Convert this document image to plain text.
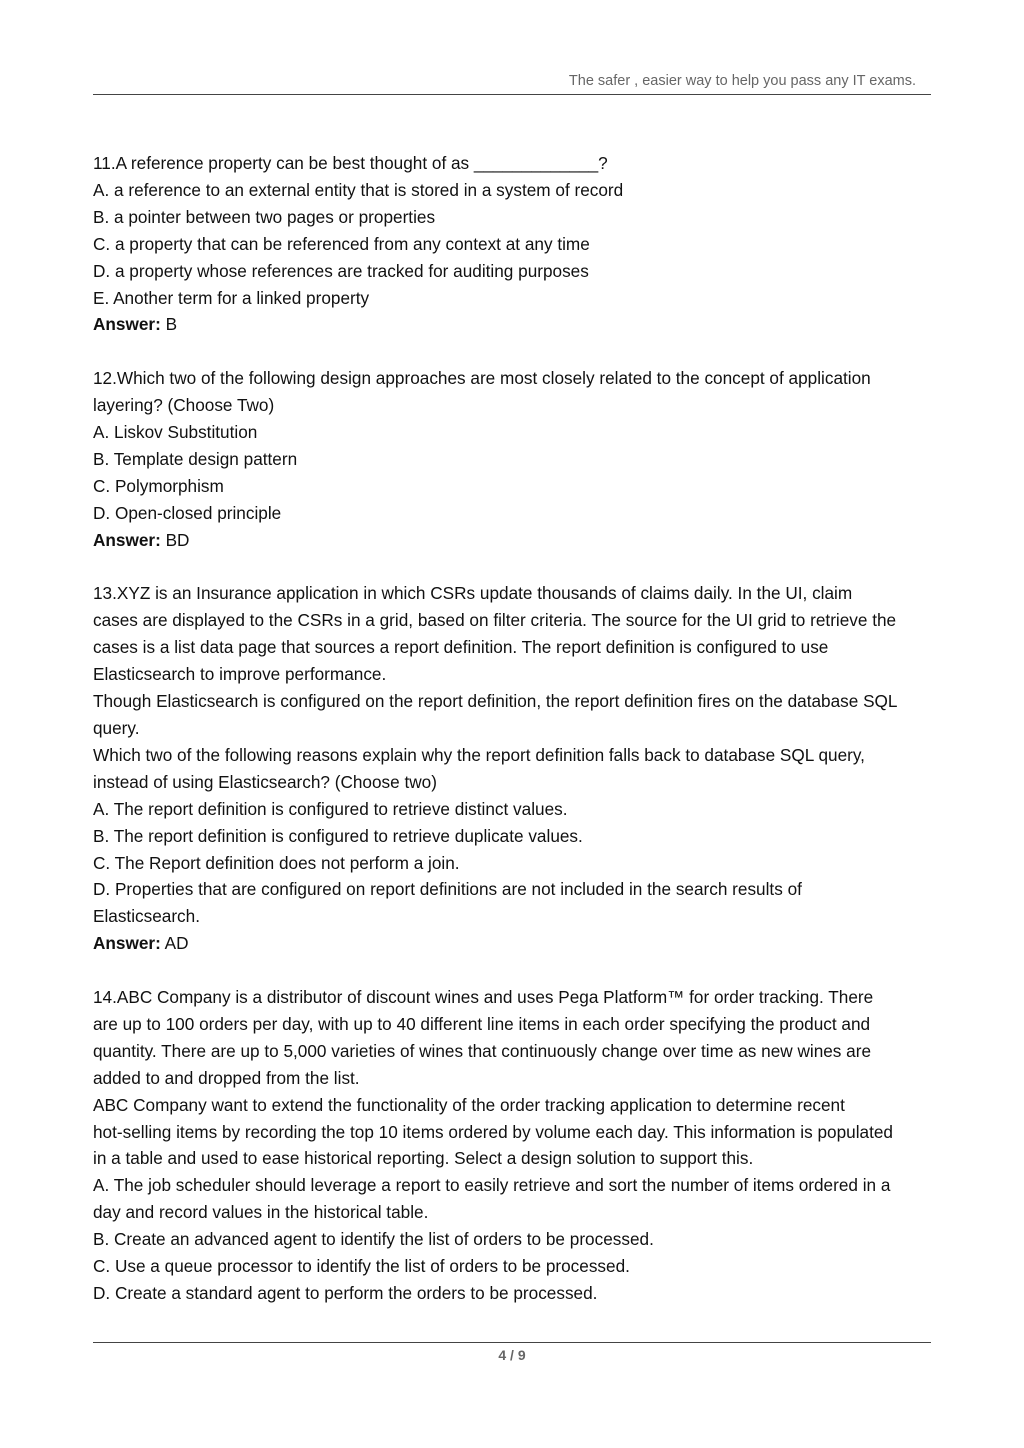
The safer , easier way to help you pass any IT exams.
11.A reference property can be best thought of as _____________?
A. a reference to an external entity that is stored in a system of record
B. a pointer between two pages or properties
C. a property that can be referenced from any context at any time
D. a property whose references are tracked for auditing purposes
E. Another term for a linked property
Answer: B
12.Which two of the following design approaches are most closely related to the concept of application
layering? (Choose Two)
A. Liskov Substitution
B. Template design pattern
C. Polymorphism
D. Open-closed principle
Answer: BD
13.XYZ is an Insurance application in which CSRs update thousands of claims daily. In the UI, claim
cases are displayed to the CSRs in a grid, based on filter criteria. The source for the UI grid to retrieve the
cases is a list data page that sources a report definition. The report definition is configured to use
Elasticsearch to improve performance.
Though Elasticsearch is configured on the report definition, the report definition fires on the database SQL
query.
Which two of the following reasons explain why the report definition falls back to database SQL query,
instead of using Elasticsearch? (Choose two)
A. The report definition is configured to retrieve distinct values.
B. The report definition is configured to retrieve duplicate values.
C. The Report definition does not perform a join.
D. Properties that are configured on report definitions are not included in the search results of
Elasticsearch.
Answer: AD
14.ABC Company is a distributor of discount wines and uses Pega Platform™ for order tracking. There
are up to 100 orders per day, with up to 40 different line items in each order specifying the product and
quantity. There are up to 5,000 varieties of wines that continuously change over time as new wines are
added to and dropped from the list.
ABC Company want to extend the functionality of the order tracking application to determine recent
hot-selling items by recording the top 10 items ordered by volume each day. This information is populated
in a table and used to ease historical reporting. Select a design solution to support this.
A. The job scheduler should leverage a report to easily retrieve and sort the number of items ordered in a
day and record values in the historical table.
B. Create an advanced agent to identify the list of orders to be processed.
C. Use a queue processor to identify the list of orders to be processed.
D. Create a standard agent to perform the orders to be processed.
4 / 9
